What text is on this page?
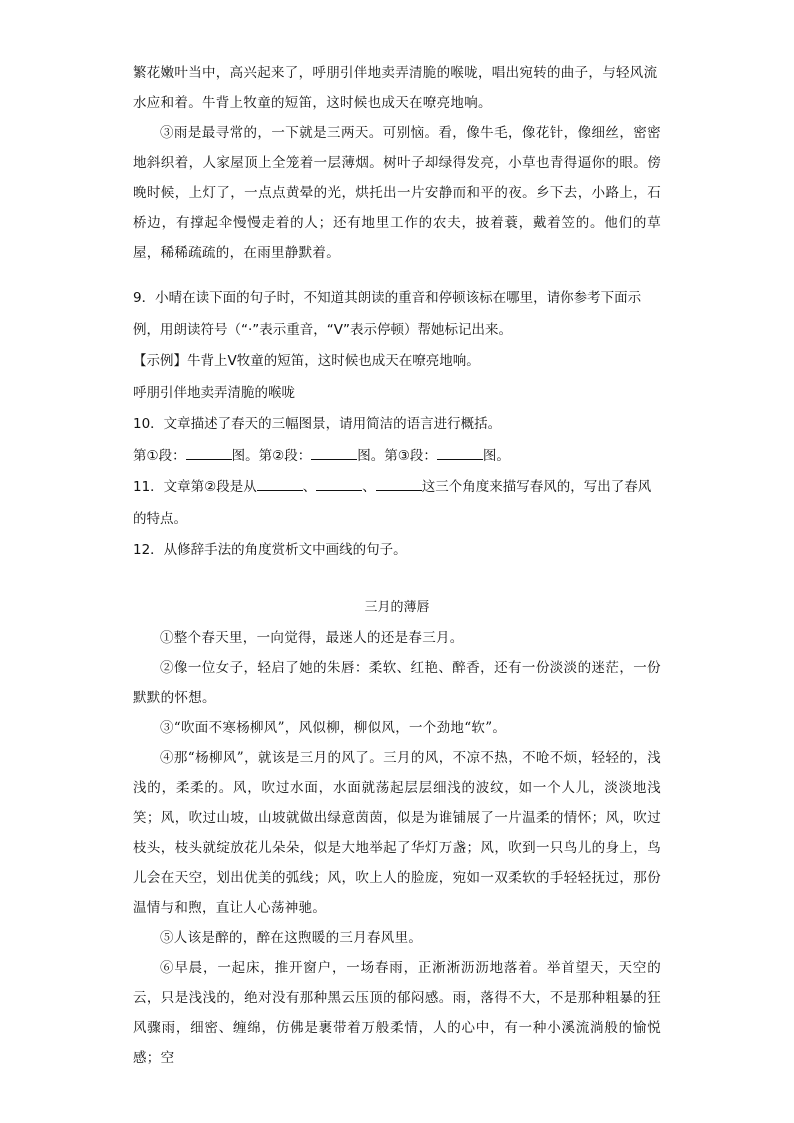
繁花嫩叶当中，高兴起来了，呼朋引伴地卖弄清脆的喉咙，唱出宛转的曲子，与轻风流

水应和着。牛背上牧童的短笛，这时候也成天在嘹亮地响。

③雨是最寻常的，一下就是三两天。可别恼。看，像牛毛，像花针，像细丝，密密地斜织着，人家屋顶上全笼着一层薄烟。树叶子却绿得发亮，小草也青得逼你的眼。傍晚时候，上灯了，一点点黄晕的光，烘托出一片安静而和平的夜。乡下去，小路上，石桥边，有撑起伞慢慢走着的人；还有地里工作的农夫，披着蓑，戴着笠的。他们的草屋，稀稀疏疏的，在雨里静默着。

9．小晴在读下面的句子时，不知道其朗读的重音和停顿该标在哪里，请你参考下面示

例，用朗读符号（“·”表示重音，“V”表示停顿）帮她标记出来。

【示例】牛背上V牧童的短笛，这时候也成天在嘹亮地响。

呼朋引伴地卖弄清脆的喉咙

10．文章描述了春天的三幅图景，请用简洁的语言进行概括。

第①段：	图。第②段：	图。第③段：	图。

11．文章第②段是从	、	、	这三个角度来描写春风的，写出了春风

的特点。

12．从修辞手法的角度赏析文中画线的句子。

三月的薄唇

①整个春天里，一向觉得，最迷人的还是春三月。

②像一位女子，轻启了她的朱唇：柔软、红艳、醉香，还有一份淡淡的迷茫，一份默默的怀想。

③“吹面不寒杨柳风”，风似柳，柳似风，一个劲地“软”。

④那“杨柳风”，就该是三月的风了。三月的风，不凉不热，不呛不烦，轻轻的，浅浅的，柔柔的。风，吹过水面，水面就荡起层层细浅的波纹，如一个人儿，淡淡地浅笑；风，吹过山坡，山坡就做出绿意茵茵，似是为谁铺展了一片温柔的情怀；风，吹过枝头，枝头就绽放花儿朵朵，似是大地举起了华灯万盏；风，吹到一只鸟儿的身上，鸟儿会在天空，划出优美的弧线；风，吹上人的脸庞，宛如一双柔软的手轻轻抚过，那份温情与和煦，直让人心荡神驰。

⑤人该是醉的，醉在这煦暖的三月春风里。

⑥早晨，一起床，推开窗户，一场春雨，正淅淅沥沥地落着。举首望天，天空的云，只是浅浅的，绝对没有那种黑云压顶的郁闷感。雨，落得不大，不是那种粗暴的狂风骤雨，细密、缠绵，仿佛是裹带着万般柔情，人的心中，有一种小溪流淌般的愉悦感；空
